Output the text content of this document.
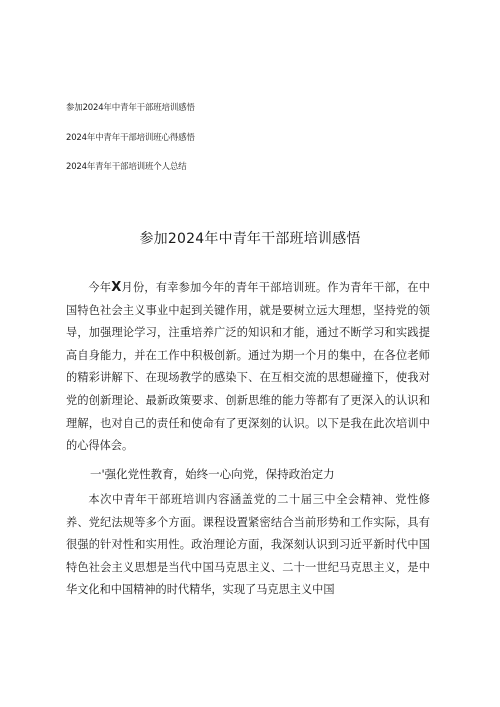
参加2024年中青年干部班培训感悟
2024年中青年干部培训班心得感悟
2024年青年干部培训班个人总结
参加2024年中青年干部班培训感悟

今年X月份，有幸参加今年的青年干部培训班。作为青年干部，在中国特色社会主义事业中起到关键作用，就是要树立远大理想，坚持党的领导，加强理论学习，注重培养广泛的知识和才能，通过不断学习和实践提高自身能力，并在工作中积极创新。通过为期一个月的集中，在各位老师的精彩讲解下、在现场教学的感染下、在互相交流的思想碰撞下，使我对党的创新理论、最新政策要求、创新思维的能力等都有了更深入的认识和理解，也对自己的责任和使命有了更深刻的认识。以下是我在此次培训中的心得体会。

一'强化党性教育，始终一心向党，保持政治定力

本次中青年干部班培训内容涵盖党的二十届三中全会精神、党性修养、党纪法规等多个方面。课程设置紧密结合当前形势和工作实际，具有很强的针对性和实用性。政治理论方面，我深刻认识到习近平新时代中国特色社会主义思想是当代中国马克思主义、二十一世纪马克思主义，是中华文化和中国精神的时代精华，实现了马克思主义中国
